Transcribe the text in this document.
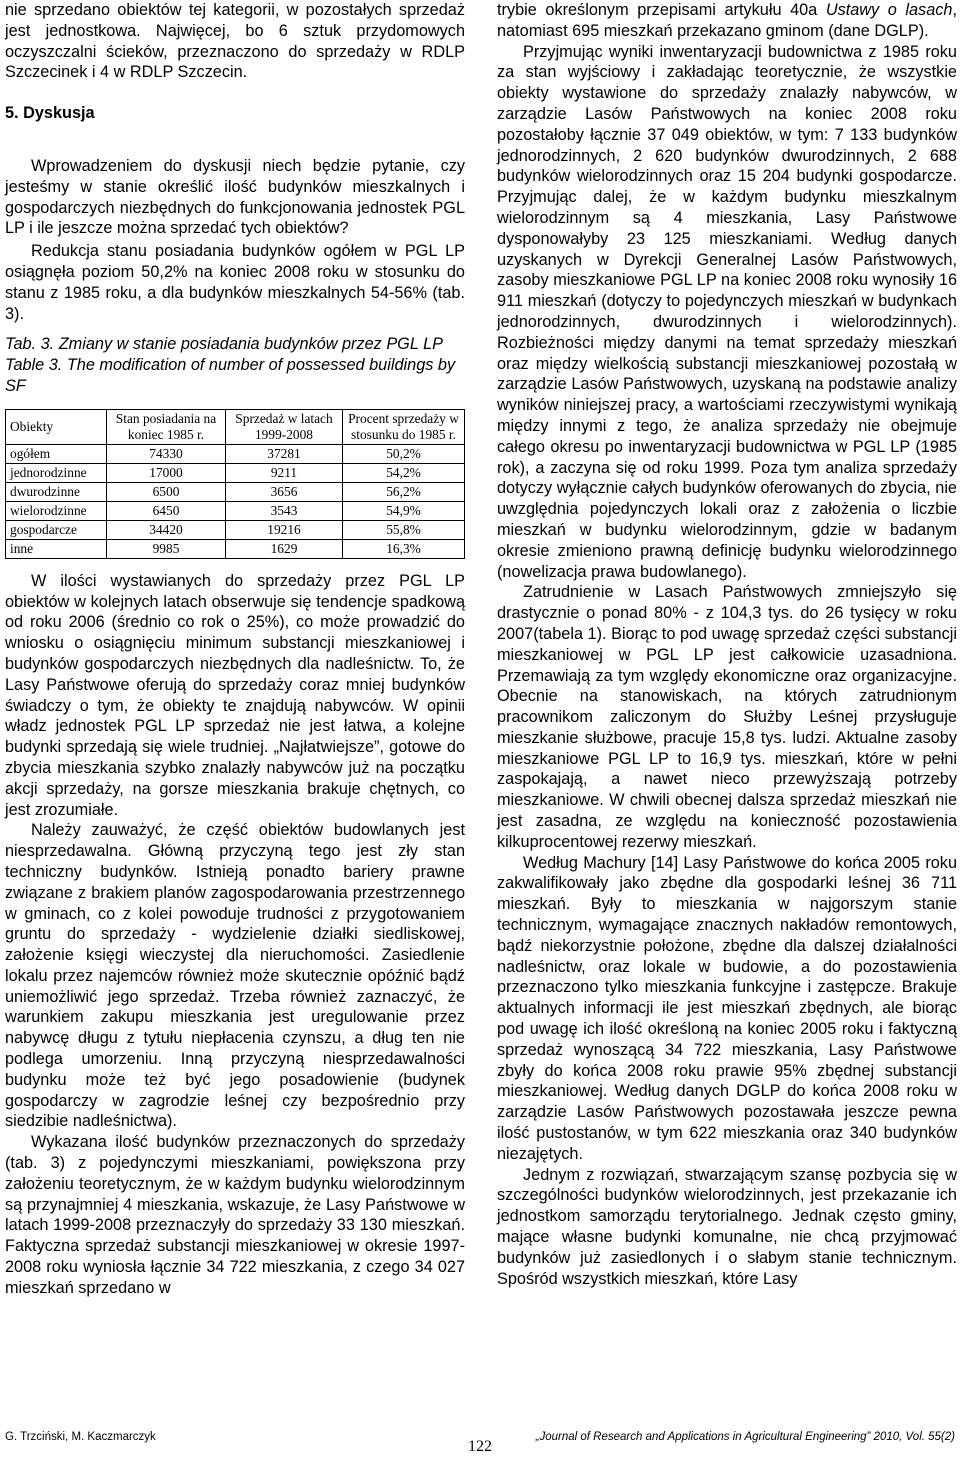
nie sprzedano obiektów tej kategorii, w pozostałych sprzedaż jest jednostkowa. Najwięcej, bo 6 sztuk przydomowych oczyszczalni ścieków, przeznaczono do sprzedaży w RDLP Szczecinek i 4 w RDLP Szczecin.

5. Dyskusja

Wprowadzeniem do dyskusji niech będzie pytanie, czy jesteśmy w stanie określić ilość budynków mieszkalnych i gospodarczych niezbędnych do funkcjonowania jednostek PGL LP i ile jeszcze można sprzedać tych obiektów?

Redukcja stanu posiadania budynków ogółem w PGL LP osiągnęła poziom 50,2% na koniec 2008 roku w stosunku do stanu z 1985 roku, a dla budynków mieszkalnych 54-56% (tab. 3).

Tab. 3. Zmiany w stanie posiadania budynków przez PGL LP

Table 3. The modification of number of possessed buildings by SF

Obiekty	Stan posiadania na koniec 1985 r.	Sprzedaż w latach 1999-2008	Procent sprzedaży w stosunku do 1985 r.
ogółem	74330	37281	50,2%
jednorodzinne	17000	9211	54,2%
dwurodzinne	6500	3656	56,2%
wielorodzinne	6450	3543	54,9%
gospodarcze	34420	19216	55,8%
inne	9985	1629	16,3%

W ilości wystawianych do sprzedaży przez PGL LP obiektów w kolejnych latach obserwuje się tendencje spadkową od roku 2006 (średnio co rok o 25%), co może prowadzić do wniosku o osiągnięciu minimum substancji mieszkaniowej i budynków gospodarczych niezbędnych dla nadleśnictw. To, że Lasy Państwowe oferują do sprzedaży coraz mniej budynków świadczy o tym, że obiekty te znajdują nabywców. W opinii władz jednostek PGL LP sprzedaż nie jest łatwa, a kolejne budynki sprzedają się wiele trudniej. „Najłatwiejsze”, gotowe do zbycia mieszkania szybko znalazły nabywców już na początku akcji sprzedaży, na gorsze mieszkania brakuje chętnych, co jest zrozumiałe.

Należy zauważyć, że część obiektów budowlanych jest niesprzedawalna. Główną przyczyną tego jest zły stan techniczny budynków. Istnieją ponadto bariery prawne związane z brakiem planów zagospodarowania przestrzennego w gminach, co z kolei powoduje trudności z przygotowaniem gruntu do sprzedaży - wydzielenie działki siedliskowej, założenie księgi wieczystej dla nieruchomości. Zasiedlenie lokalu przez najemców również może skutecznie opóźnić bądź uniemożliwić jego sprzedaż. Trzeba również zaznaczyć, że warunkiem zakupu mieszkania jest uregulowanie przez nabywcę długu z tytułu niepłacenia czynszu, a dług ten nie podlega umorzeniu. Inną przyczyną niesprzedawalności budynku może też być jego posadowienie (budynek gospodarczy w zagrodzie leśnej czy bezpośrednio przy siedzibie nadleśnictwa).

Wykazana ilość budynków przeznaczonych do sprzedaży (tab. 3) z pojedynczymi mieszkaniami, powiększona przy założeniu teoretycznym, że w każdym budynku wielorodzinnym są przynajmniej 4 mieszkania, wskazuje, że Lasy Państwowe w latach 1999-2008 przeznaczyły do sprzedaży 33 130 mieszkań. Faktyczna sprzedaż substancji mieszkaniowej w okresie 1997-2008 roku wyniosła łącznie 34 722 mieszkania, z czego 34 027 mieszkań sprzedano w

trybie określonym przepisami artykułu 40a Ustawy o lasach, natomiast 695 mieszkań przekazano gminom (dane DGLP).

Przyjmując wyniki inwentaryzacji budownictwa z 1985 roku za stan wyjściowy i zakładając teoretycznie, że wszystkie obiekty wystawione do sprzedaży znalazły nabywców, w zarządzie Lasów Państwowych na koniec 2008 roku pozostałoby łącznie 37 049 obiektów, w tym: 7 133 budynków jednorodzinnych, 2 620 budynków dwurodzinnych, 2 688 budynków wielorodzinnych oraz 15 204 budynki gospodarcze. Przyjmując dalej, że w każdym budynku mieszkalnym wielorodzinnym są 4 mieszkania, Lasy Państwowe dysponowałyby 23 125 mieszkaniami. Według danych uzyskanych w Dyrekcji Generalnej Lasów Państwowych, zasoby mieszkaniowe PGL LP na koniec 2008 roku wynosiły 16 911 mieszkań (dotyczy to pojedynczych mieszkań w budynkach jednorodzinnych, dwurodzinnych i wielorodzinnych). Rozbieżności między danymi na temat sprzedaży mieszkań oraz między wielkością substancji mieszkaniowej pozostałą w zarządzie Lasów Państwowych, uzyskaną na podstawie analizy wyników niniejszej pracy, a wartościami rzeczywistymi wynikają między innymi z tego, że analiza sprzedaży nie obejmuje całego okresu po inwentaryzacji budownictwa w PGL LP (1985 rok), a zaczyna się od roku 1999. Poza tym analiza sprzedaży dotyczy wyłącznie całych budynków oferowanych do zbycia, nie uwzględnia pojedynczych lokali oraz z założenia o liczbie mieszkań w budynku wielorodzinnym, gdzie w badanym okresie zmieniono prawną definicję budynku wielorodzinnego (nowelizacja prawa budowlanego).

Zatrudnienie w Lasach Państwowych zmniejszyło się drastycznie o ponad 80% - z 104,3 tys. do 26 tysięcy w roku 2007(tabela 1). Biorąc to pod uwagę sprzedaż części substancji mieszkaniowej w PGL LP jest całkowicie uzasadniona. Przemawiają za tym względy ekonomiczne oraz organizacyjne. Obecnie na stanowiskach, na których zatrudnionym pracownikom zaliczonym do Służby Leśnej przysługuje mieszkanie służbowe, pracuje 15,8 tys. ludzi. Aktualne zasoby mieszkaniowe PGL LP to 16,9 tys. mieszkań, które w pełni zaspokajają, a nawet nieco przewyższają potrzeby mieszkaniowe. W chwili obecnej dalsza sprzedaż mieszkań nie jest zasadna, ze względu na konieczność pozostawienia kilkuprocentowej rezerwy mieszkań.

Według Machury [14] Lasy Państwowe do końca 2005 roku zakwalifikowały jako zbędne dla gospodarki leśnej 36 711 mieszkań. Były to mieszkania w najgorszym stanie technicznym, wymagające znacznych nakładów remontowych, bądź niekorzystnie położone, zbędne dla dalszej działalności nadleśnictw, oraz lokale w budowie, a do pozostawienia przeznaczono tylko mieszkania funkcyjne i zastępcze. Brakuje aktualnych informacji ile jest mieszkań zbędnych, ale biorąc pod uwagę ich ilość określoną na koniec 2005 roku i faktyczną sprzedaż wynoszącą 34 722 mieszkania, Lasy Państwowe zbyły do końca 2008 roku prawie 95% zbędnej substancji mieszkaniowej. Według danych DGLP do końca 2008 roku w zarządzie Lasów Państwowych pozostawała jeszcze pewna ilość pustostanów, w tym 622 mieszkania oraz 340 budynków niezajętych.

Jednym z rozwiązań, stwarzającym szansę pozbycia się w szczególności budynków wielorodzinnych, jest przekazanie ich jednostkom samorządu terytorialnego. Jednak często gminy, mające własne budynki komunalne, nie chcą przyjmować budynków już zasiedlonych i o słabym stanie technicznym. Spośród wszystkich mieszkań, które Lasy

G. Trzciński, M. Kaczmarczyk
122
„Journal of Research and Applications in Agricultural Engineering” 2010, Vol. 55(2)
